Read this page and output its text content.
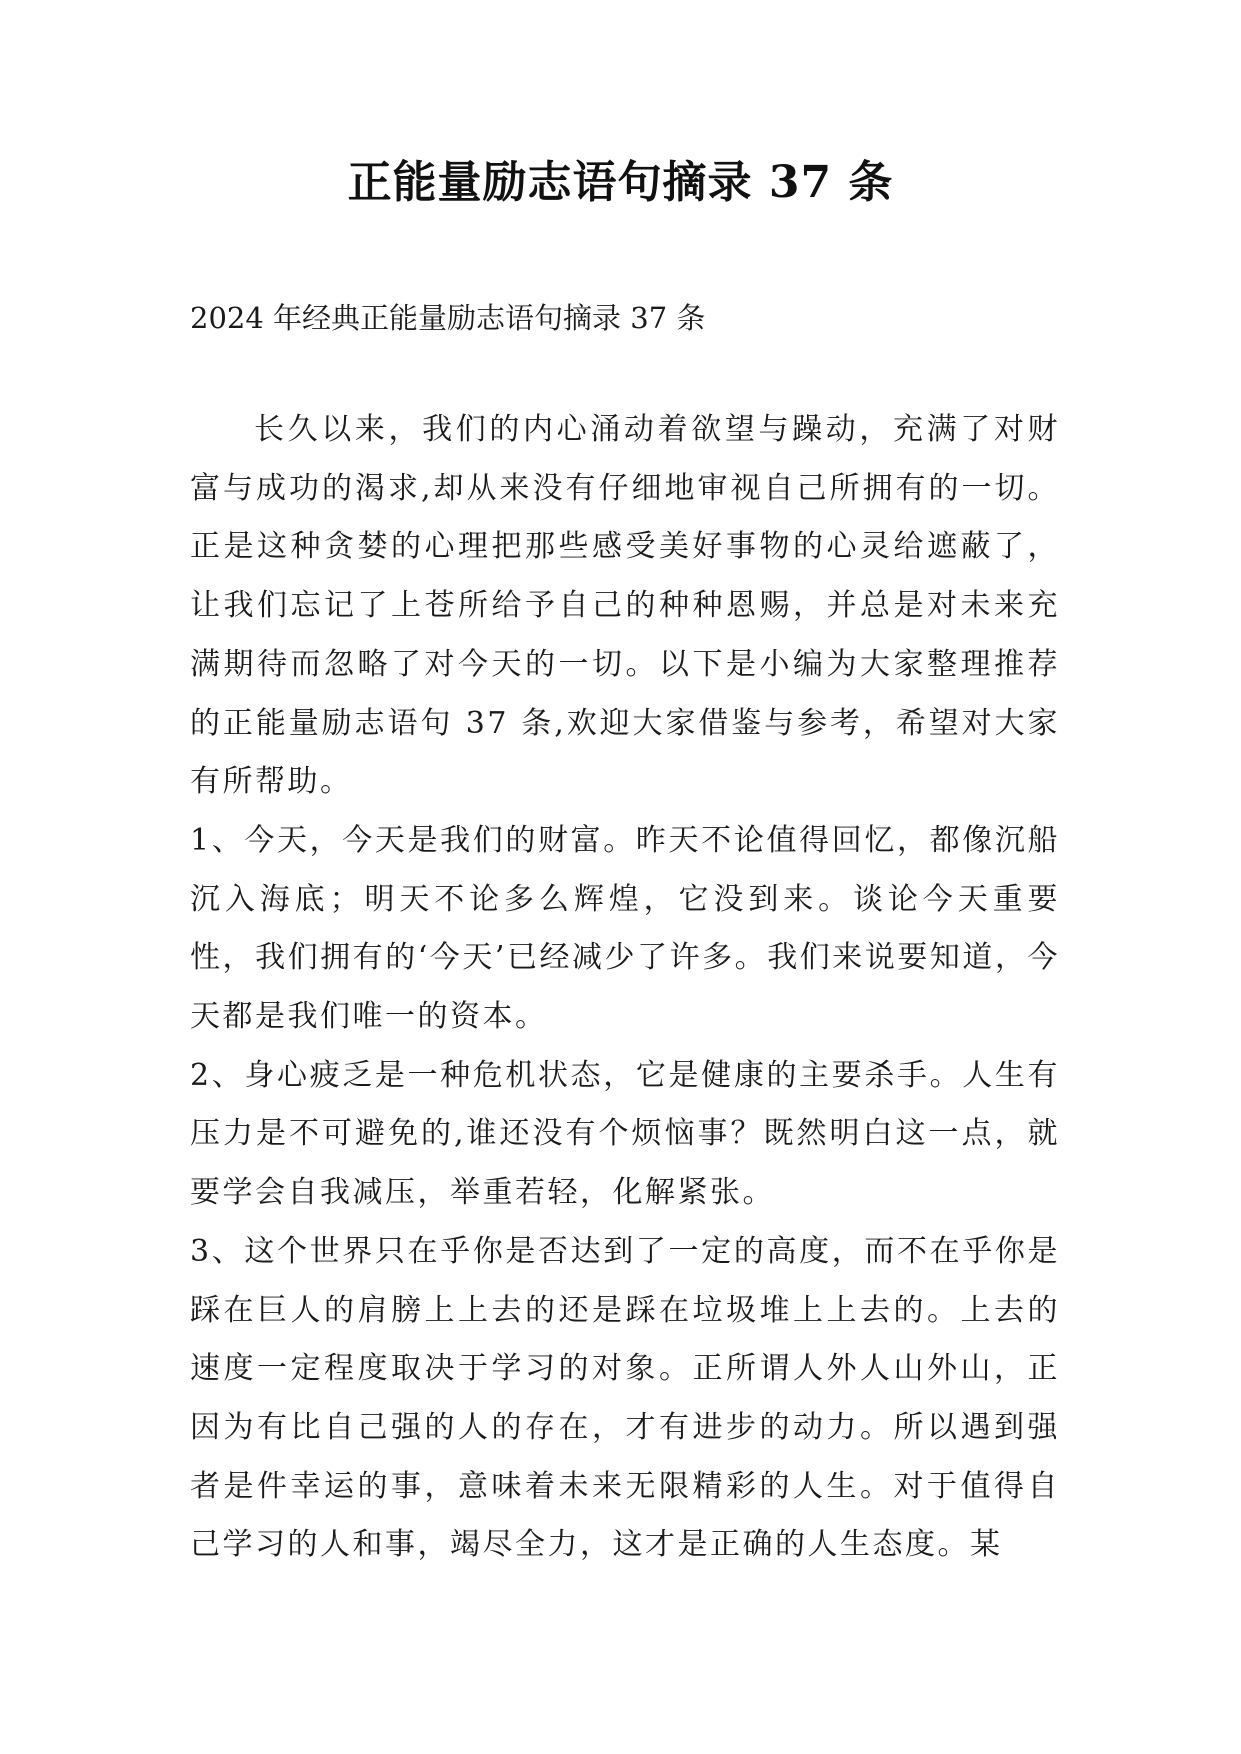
正能量励志语句摘录 37 条
2024 年经典正能量励志语句摘录 37 条

长久以来，我们的内心涌动着欲望与躁动，充满了对财富与成功的渴求,却从来没有仔细地审视自己所拥有的一切。正是这种贪婪的心理把那些感受美好事物的心灵给遮蔽了，让我们忘记了上苍所给予自己的种种恩赐，并总是对未来充满期待而忽略了对今天的一切。以下是小编为大家整理推荐的正能量励志语句 37 条,欢迎大家借鉴与参考，希望对大家有所帮助。

1、今天，今天是我们的财富。昨天不论值得回忆，都像沉船沉入海底；明天不论多么辉煌，它没到来。谈论今天重要性，我们拥有的‘今天’已经减少了许多。我们来说要知道，今天都是我们唯一的资本。

2、身心疲乏是一种危机状态，它是健康的主要杀手。人生有压力是不可避免的,谁还没有个烦恼事？既然明白这一点，就要学会自我减压，举重若轻，化解紧张。

3、这个世界只在乎你是否达到了一定的高度，而不在乎你是踩在巨人的肩膀上上去的还是踩在垃圾堆上上去的。上去的速度一定程度取决于学习的对象。正所谓人外人山外山，正因为有比自己强的人的存在，才有进步的动力。所以遇到强者是件幸运的事，意味着未来无限精彩的人生。对于值得自己学习的人和事，竭尽全力，这才是正确的人生态度。某
